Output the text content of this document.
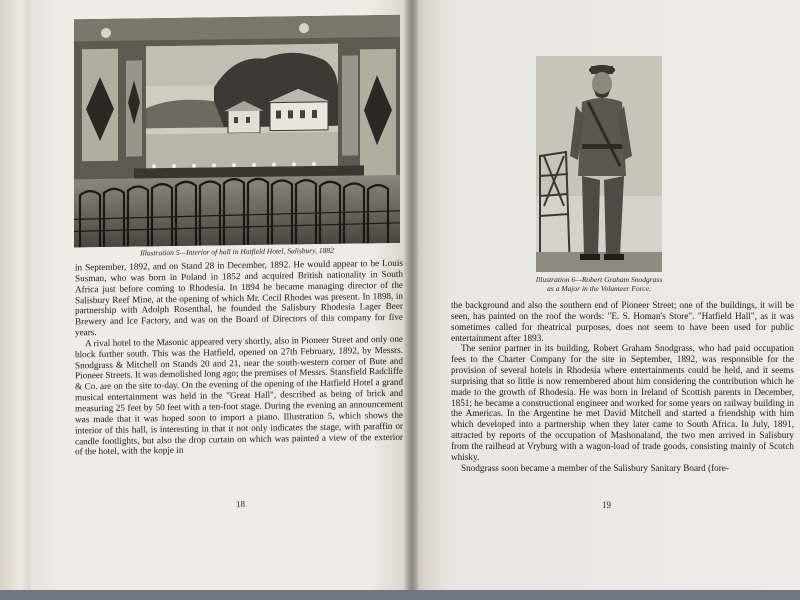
Illustration 5—Interior of hall in Hatfield Hotel, Salisbury, 1882

in September, 1892, and on Stand 28 in December, 1892. He would appear to be Louis Susman, who was born in Poland in 1852 and acquired British nationality in South Africa just before coming to Rhodesia. In 1894 he became managing director of the Salisbury Reef Mine, at the opening of which Mr. Cecil Rhodes was present. In 1898, in partnership with Adolph Rosenthal, he founded the Salisbury Rhodesia Lager Beer Brewery and Ice Factory, and was on the Board of Directors of this company for five years.

A rival hotel to the Masonic appeared very shortly, also in Pioneer Street and only one block further south. This was the Hatfield, opened on 27th February, 1892, by Messrs. Snodgrass & Mitchell on Stands 20 and 21, near the south-western corner of Bute and Pioneer Streets. It was demolished long ago; the premises of Messrs. Stansfield Radcliffe & Co. are on the site to-day. On the evening of the opening of the Hatfield Hotel a grand musical entertainment was held in the "Great Hall", described as being of brick and measuring 25 feet by 50 feet with a ten-foot stage. During the evening an announcement was made that it was hoped soon to import a piano. Illustration 5, which shows the interior of this hall, is interesting in that it not only indicates the stage, with paraffin or candle footlights, but also the drop curtain on which was painted a view of the exterior of the hotel, with the kopje in

18
Illustration 6—Robert Graham Snodgrass
as a Major in the Volunteer Force.

the background and also the southern end of Pioneer Street; one of the buildings, it will be seen, has painted on the roof the words: "E. S. Homan's Store". "Hatfield Hall", as it was sometimes called for theatrical purposes, does not seem to have been used for public entertainment after 1893.

The senior partner in its building, Robert Graham Snodgrass, who had paid occupation fees to the Charter Company for the site in September, 1892, was responsible for the provision of several hotels in Rhodesia where entertainments could be held, and it seems surprising that so little is now remembered about him considering the contribution which he made to the growth of Rhodesia. He was born in Ireland of Scottish parents in December, 1851; he became a constructional engineer and worked for some years on railway building in the Americas. In the Argentine he met David Mitchell and started a friendship with him which developed into a partnership when they later came to South Africa. In July, 1891, attracted by reports of the occupation of Mashonaland, the two men arrived in Salisbury from the railhead at Vryburg with a wagon-load of trade goods, consisting mainly of Scotch whisky.

Snodgrass soon became a member of the Salisbury Sanitary Board (fore-

19
